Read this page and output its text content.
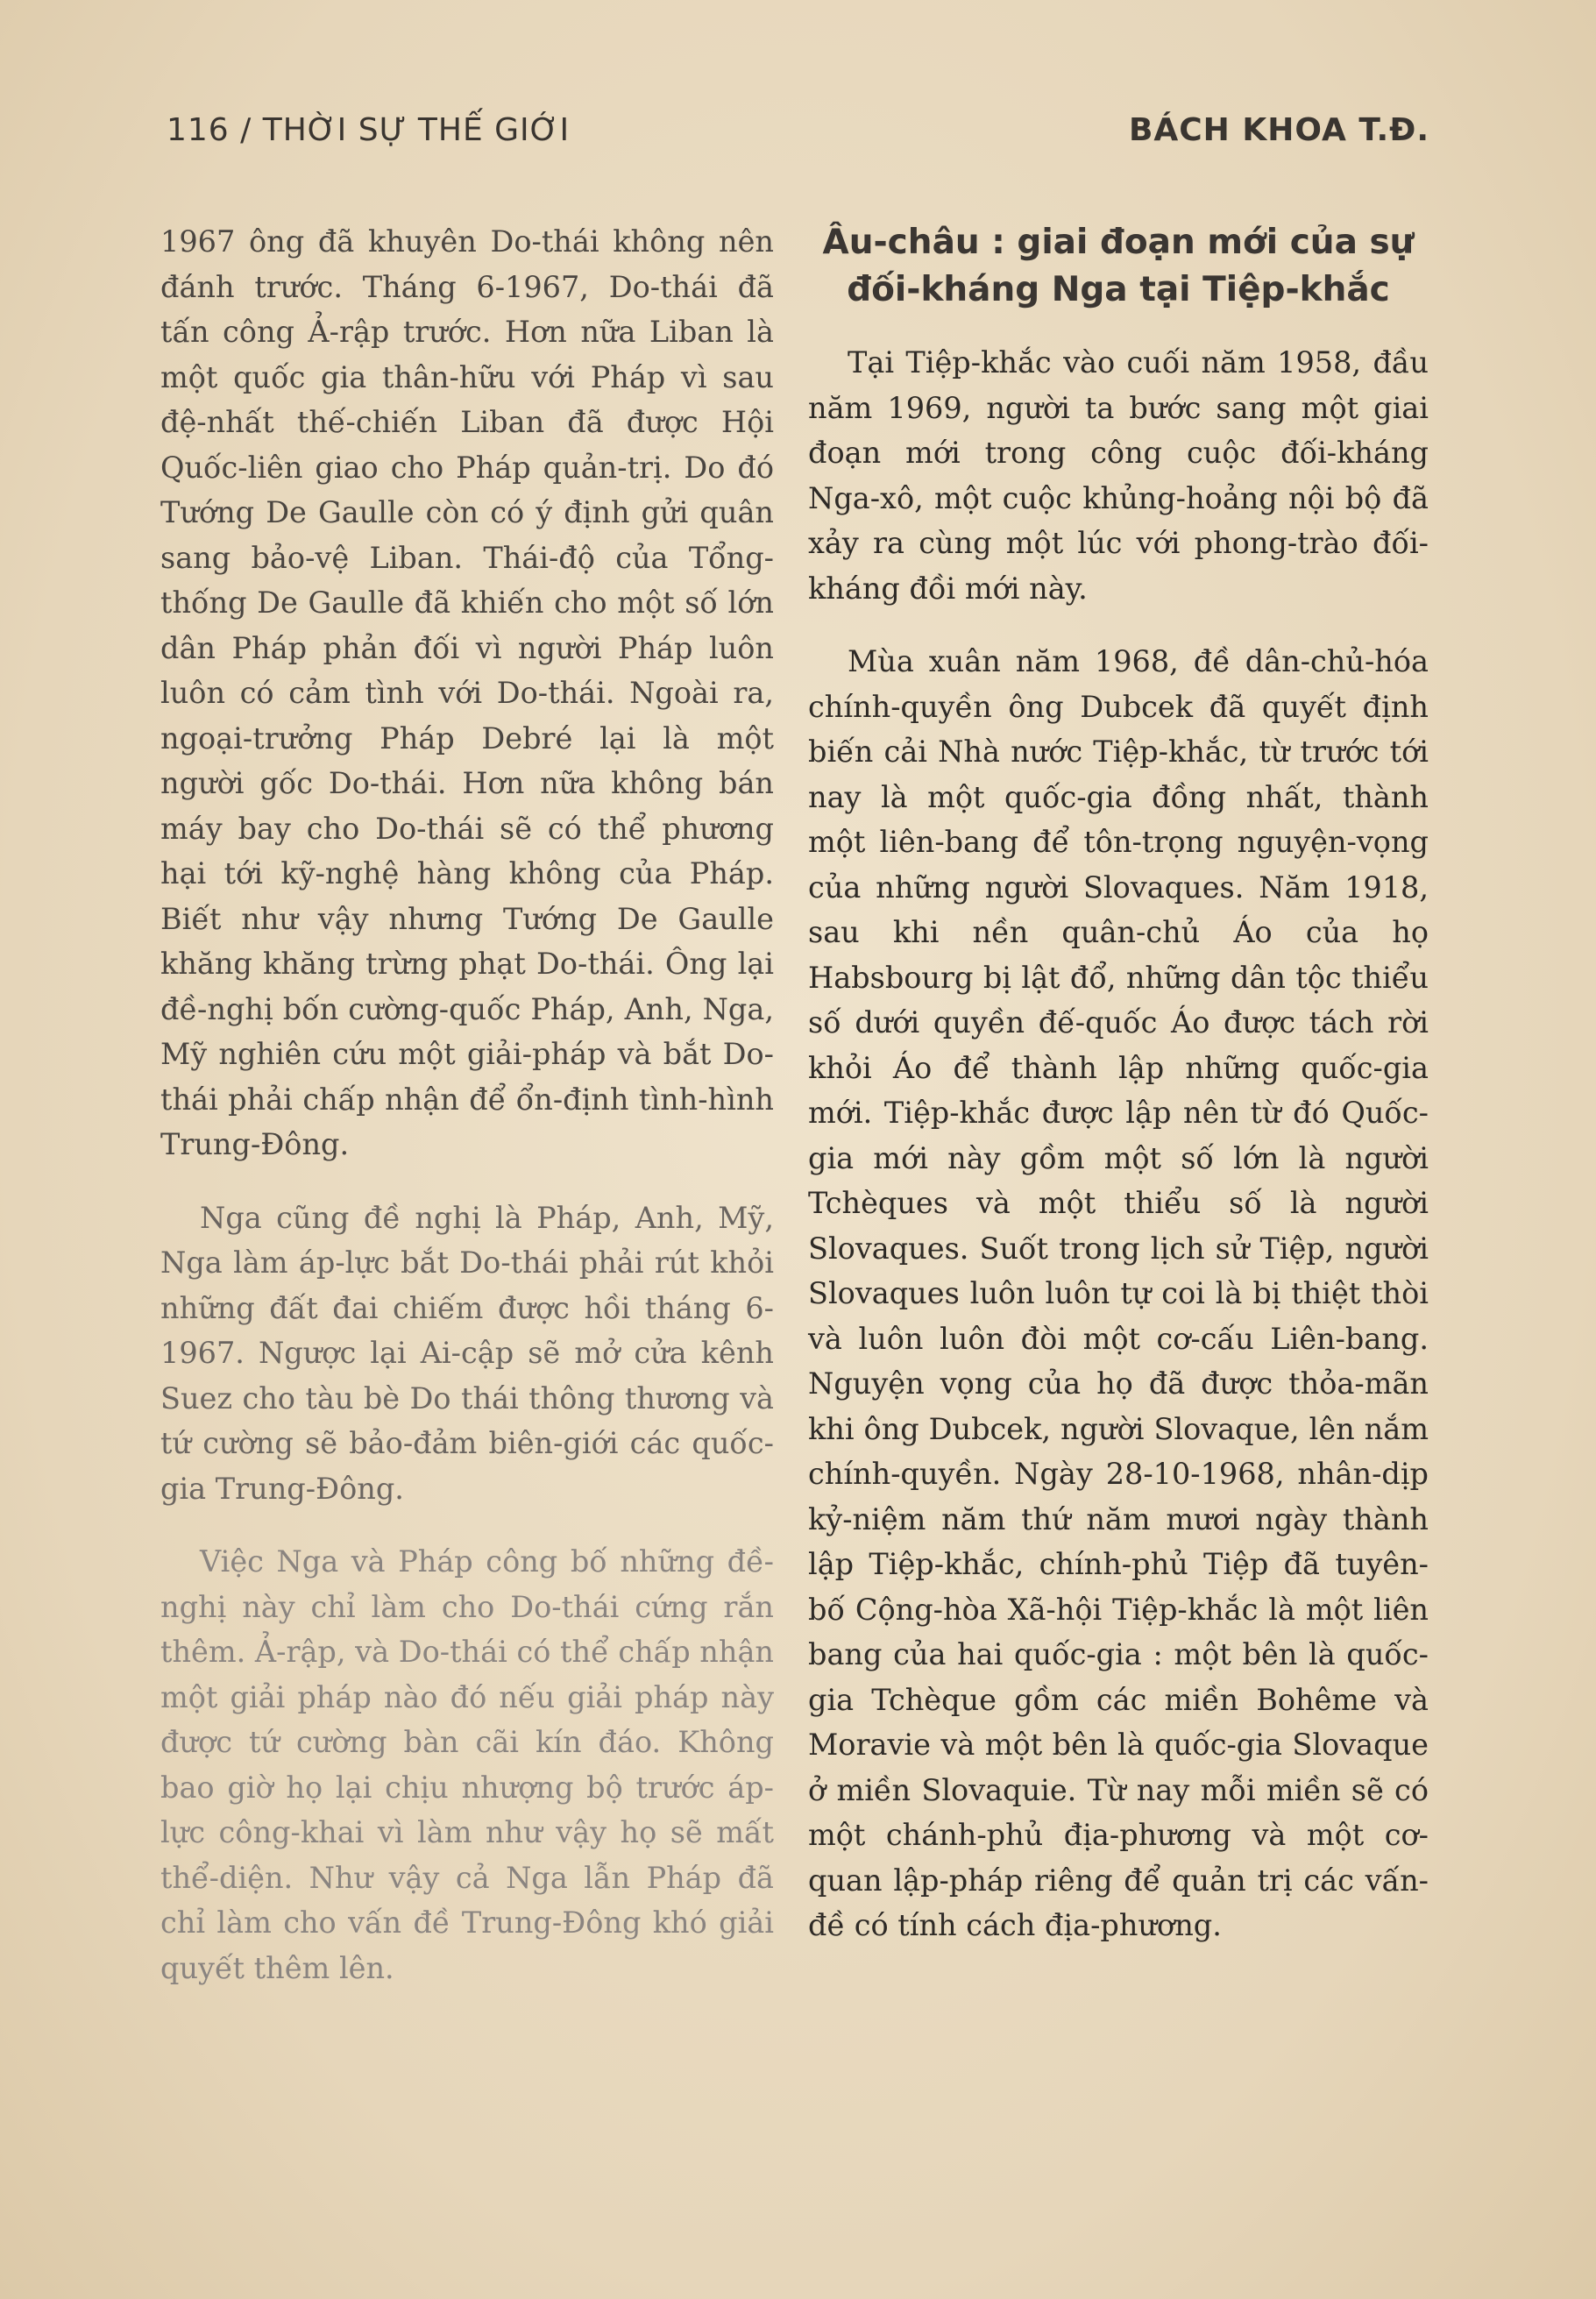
116 / THỜI SỰ THẾ GIỚI	BÁCH KHOA T.Đ.

1967 ông đã khuyên Do-thái không nên đánh trước. Tháng 6-1967, Do-thái đã tấn công Ả-rập trước. Hơn nữa Liban là một quốc gia thân-hữu với Pháp vì sau đệ-nhất thế-chiến Liban đã được Hội Quốc-liên giao cho Pháp quản-trị. Do đó Tướng De Gaulle còn có ý định gửi quân sang bảo-vệ Liban. Thái-độ của Tổng-thống De Gaulle đã khiến cho một số lớn dân Pháp phản đối vì người Pháp luôn luôn có cảm tình với Do-thái. Ngoài ra, ngoại-trưởng Pháp Debré lại là một người gốc Do-thái. Hơn nữa không bán máy bay cho Do-thái sẽ có thể phương hại tới kỹ-nghệ hàng không của Pháp. Biết như vậy nhưng Tướng De Gaulle khăng khăng trừng phạt Do-thái. Ông lại đề-nghị bốn cường-quốc Pháp, Anh, Nga, Mỹ nghiên cứu một giải-pháp và bắt Do-thái phải chấp nhận để ổn-định tình-hình Trung-Đông.

Nga cũng đề nghị là Pháp, Anh, Mỹ, Nga làm áp-lực bắt Do-thái phải rút khỏi những đất đai chiếm được hồi tháng 6-1967. Ngược lại Ai-cập sẽ mở cửa kênh Suez cho tàu bè Do thái thông thương và tứ cường sẽ bảo-đảm biên-giới các quốc-gia Trung-Đông.

Việc Nga và Pháp công bố những đề-nghị này chỉ làm cho Do-thái cứng rắn thêm. Ả-rập, và Do-thái có thể chấp nhận một giải pháp nào đó nếu giải pháp này được tứ cường bàn cãi kín đáo. Không bao giờ họ lại chịu nhượng bộ trước áp-lực công-khai vì làm như vậy họ sẽ mất thể-diện. Như vậy cả Nga lẫn Pháp đã chỉ làm cho vấn đề Trung-Đông khó giải quyết thêm lên.

Âu-châu : giai đoạn mới của sự đối-kháng Nga tại Tiệp-khắc

Tại Tiệp-khắc vào cuối năm 1958, đầu năm 1969, người ta bước sang một giai đoạn mới trong công cuộc đối-kháng Nga-xô, một cuộc khủng-hoảng nội bộ đã xảy ra cùng một lúc với phong-trào đối-kháng đồi mới này.

Mùa xuân năm 1968, đề dân-chủ-hóa chính-quyền ông Dubcek đã quyết định biến cải Nhà nước Tiệp-khắc, từ trước tới nay là một quốc-gia đồng nhất, thành một liên-bang để tôn-trọng nguyện-vọng của những người Slovaques. Năm 1918, sau khi nền quân-chủ Áo của họ Habsbourg bị lật đổ, những dân tộc thiểu số dưới quyền đế-quốc Áo được tách rời khỏi Áo để thành lập những quốc-gia mới. Tiệp-khắc được lập nên từ đó Quốc-gia mới này gồm một số lớn là người Tchèques và một thiểu số là người Slovaques. Suốt trong lịch sử Tiệp, người Slovaques luôn luôn tự coi là bị thiệt thòi và luôn luôn đòi một cơ-cấu Liên-bang. Nguyện vọng của họ đã được thỏa-mãn khi ông Dubcek, người Slovaque, lên nắm chính-quyền. Ngày 28-10-1968, nhân-dịp kỷ-niệm năm thứ năm mươi ngày thành lập Tiệp-khắc, chính-phủ Tiệp đã tuyên-bố Cộng-hòa Xã-hội Tiệp-khắc là một liên bang của hai quốc-gia : một bên là quốc-gia Tchèque gồm các miền Bohême và Moravie và một bên là quốc-gia Slovaque ở miền Slovaquie. Từ nay mỗi miền sẽ có một chánh-phủ địa-phương và một cơ-quan lập-pháp riêng để quản trị các vấn-đề có tính cách địa-phương.
